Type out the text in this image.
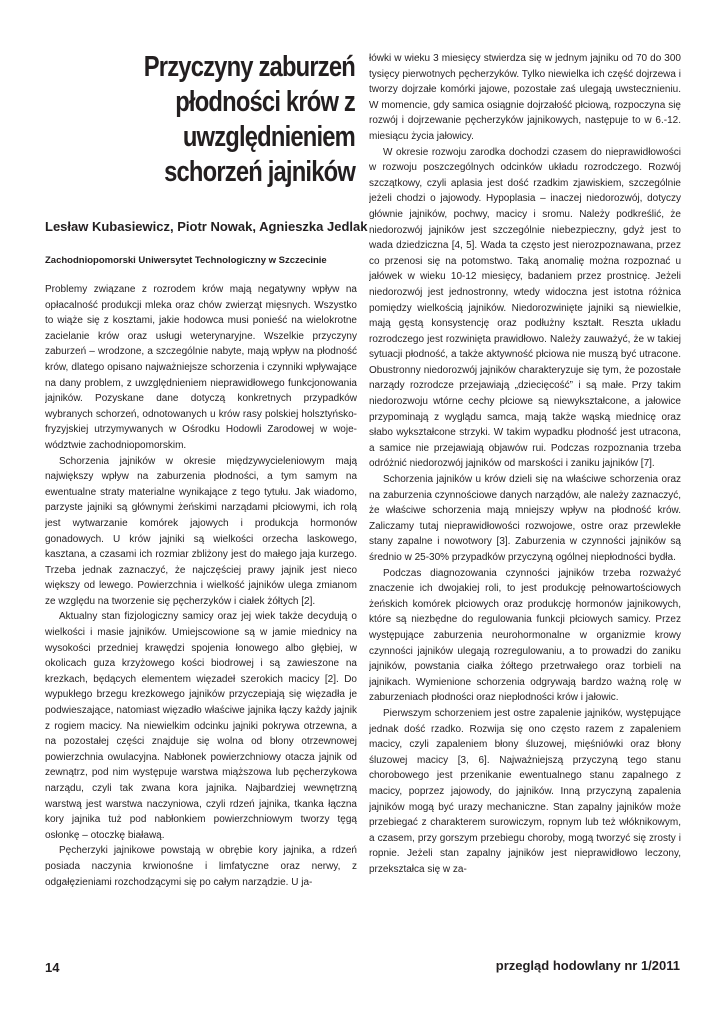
Przyczyny zaburzeń płodności krów z uwzględnieniem schorzeń jajników

Lesław Kubasiewicz, Piotr Nowak, Agnieszka Jedlak

Zachodniopomorski Uniwersytet Technologiczny w Szczecinie

Problemy związane z rozrodem krów mają negatywny wpływ na opłacalność produkcji mleka oraz chów zwierząt mięsnych. Wszystko to wiąże się z kosztami, jakie hodowca musi ponieść na wielokrotne zacielanie krów oraz usługi weterynaryjne. Wszelkie przyczyny zaburzeń – wrodzone, a szczególnie nabyte, mają wpływ na płodność krów, dlatego opisano najważniejsze schorzenia i czynniki wpływające na dany problem, z uwzględnieniem nieprawidłowego funkcjonowania jajników. Pozyskane dane dotyczą konkretnych przypadków wybranych schorzeń, odnotowanych u krów rasy polskiej holsztyńsko-fryzyjskiej utrzymywanych w Ośrodku Hodowli Zarodowej w województwie zachodniopomorskim.

Schorzenia jajników w okresie międzywycieleniowym mają największy wpływ na zaburzenia płodności, a tym samym na ewentualne straty materialne wynikające z tego tytułu. Jak wiadomo, parzyste jajniki są głównymi żeńskimi narządami płciowymi, ich rolą jest wytwarzanie komórek jajowych i produkcja hormonów gonadowych. U krów jajniki są wielkości orzecha laskowego, kasztana, a czasami ich rozmiar zbliżony jest do małego jaja kurzego. Trzeba jednak zaznaczyć, że najczęściej prawy jajnik jest nieco większy od lewego. Powierzchnia i wielkość jajników ulega zmianom ze względu na tworzenie się pęcherzyków i ciałek żółtych [2].

Aktualny stan fizjologiczny samicy oraz jej wiek także decydują o wielkości i masie jajników. Umiejscowione są w jamie miednicy na wysokości przedniej krawędzi spojenia łonowego albo głębiej, w okolicach guza krzyżowego kości biodrowej i są zawieszone na krezkach, będących elementem więzadeł szerokich macicy [2]. Do wypukłego brzegu krezkowego jajników przyczepiają się więzadła je podwieszające, natomiast więzadło właściwe jajnika łączy każdy jajnik z rogiem macicy. Na niewielkim odcinku jajniki pokrywa otrzewna, a na pozostałej części znajduje się wolna od błony otrzewnowej powierzchnia owulacyjna. Nabłonek powierzchniowy otacza jajnik od zewnątrz, pod nim występuje warstwa miąższowa lub pęcherzykowa narządu, czyli tak zwana kora jajnika. Najbardziej wewnętrzną warstwą jest warstwa naczyniowa, czyli rdzeń jajnika, tkanka łączna kory jajnika tuż pod nabłonkiem powierzchniowym tworzy tęgą osłonkę – otoczkę białawą.

Pęcherzyki jajnikowe powstają w obrębie kory jajnika, a rdzeń posiada naczynia krwionośne i limfatyczne oraz nerwy, z odgałęzieniami rozchodzącymi się po całym narządzie. U ja-

łówki w wieku 3 miesięcy stwierdza się w jednym jajniku od 70 do 300 tysięcy pierwotnych pęcherzyków. Tylko niewielka ich część dojrzewa i tworzy dojrzałe komórki jajowe, pozostałe zaś ulegają uwstecznieniu. W momencie, gdy samica osiągnie dojrzałość płciową, rozpoczyna się rozwój i dojrzewanie pęcherzyków jajnikowych, następuje to w 6.-12. miesiącu życia jałowicy.

W okresie rozwoju zarodka dochodzi czasem do nieprawidłowości w rozwoju poszczególnych odcinków układu rozrodczego. Rozwój szczątkowy, czyli aplasia jest dość rzadkim zjawiskiem, szczególnie jeżeli chodzi o jajowody. Hypoplasia – inaczej niedorozwój, dotyczy głównie jajników, pochwy, macicy i sromu. Należy podkreślić, że niedorozwój jajników jest szczególnie niebezpieczny, gdyż jest to wada dziedziczna [4, 5]. Wada ta często jest nierozpoznawana, przez co przenosi się na potomstwo. Taką anomalię można rozpoznać u jałówek w wieku 10-12 miesięcy, badaniem przez prostnicę. Jeżeli niedorozwój jest jednostronny, wtedy widoczna jest istotna różnica pomiędzy wielkością jajników. Niedorozwinięte jajniki są niewielkie, mają gęstą konsystencję oraz podłużny kształt. Reszta układu rozrodczego jest rozwinięta prawidłowo. Należy zauważyć, że w takiej sytuacji płodność, a także aktywność płciowa nie muszą być utracone. Obustronny niedorozwój jajników charakteryzuje się tym, że pozostałe narządy rozrodcze przejawiają „dziecięcość” i są małe. Przy takim niedorozwoju wtórne cechy płciowe są niewykształcone, a jałowice przypominają z wyglądu samca, mają także wąską miednicę oraz słabo wykształcone strzyki. W takim wypadku płodność jest utracona, a samice nie przejawiają objawów rui. Podczas rozpoznania trzeba odróżnić niedorozwój jajników od marskości i zaniku jajników [7].

Schorzenia jajników u krów dzieli się na właściwe schorzenia oraz na zaburzenia czynnościowe danych narządów, ale należy zaznaczyć, że właściwe schorzenia mają mniejszy wpływ na płodność krów. Zaliczamy tutaj nieprawidłowości rozwojowe, ostre oraz przewlekłe stany zapalne i nowotwory [3]. Zaburzenia w czynności jajników są średnio w 25-30% przypadków przyczyną ogólnej niepłodności bydła.

Podczas diagnozowania czynności jajników trzeba rozważyć znaczenie ich dwojakiej roli, to jest produkcję pełnowartościowych żeńskich komórek płciowych oraz produkcję hormonów jajnikowych, które są niezbędne do regulowania funkcji płciowych samicy. Przez występujące zaburzenia neurohormonalne w organizmie krowy czynności jajników ulegają rozregulowaniu, a to prowadzi do zaniku jajników, powstania ciałka żółtego przetrwałego oraz torbieli na jajnikach. Wymienione schorzenia odgrywają bardzo ważną rolę w zaburzeniach płodności oraz niepłodności krów i jałowic.

Pierwszym schorzeniem jest ostre zapalenie jajników, występujące jednak dość rzadko. Rozwija się ono często razem z zapaleniem macicy, czyli zapaleniem błony śluzowej, mięśniówki oraz błony śluzowej macicy [3, 6]. Najważniejszą przyczyną tego stanu chorobowego jest przenikanie ewentualnego stanu zapalnego z macicy, poprzez jajowody, do jajników. Inną przyczyną zapalenia jajników mogą być urazy mechaniczne. Stan zapalny jajników może przebiegać z charakterem surowiczym, ropnym lub też włóknikowym, a czasem, przy gorszym przebiegu choroby, mogą tworzyć się zrosty i ropnie. Jeżeli stan zapalny jajników jest nieprawidłowo leczony, przekształca się w za-

14	przegląd hodowlany nr 1/2011
